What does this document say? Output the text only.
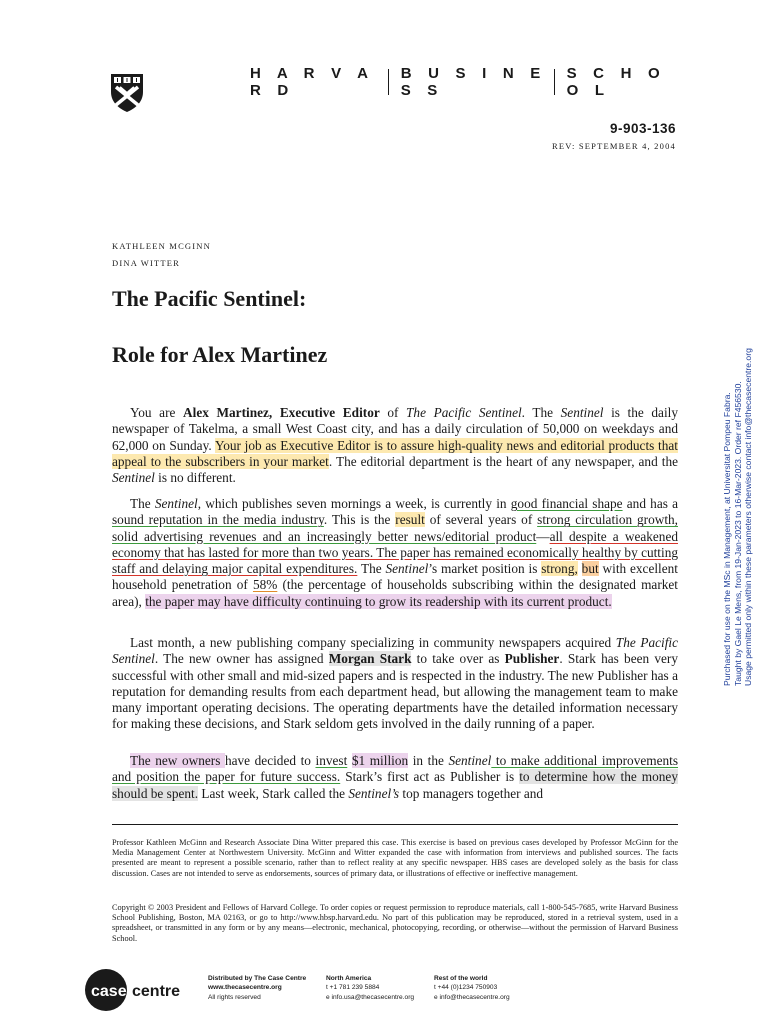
H A R V A R D
B U S I N E S S
S C H O O L
9-903-136
REV: SEPTEMBER 4, 2004
KATHLEEN MCGINN
DINA WITTER
The Pacific Sentinel:
Role for Alex Martinez

You are Alex Martinez, Executive Editor of The Pacific Sentinel. The Sentinel is the daily newspaper of Takelma, a small West Coast city, and has a daily circulation of 50,000 on weekdays and 62,000 on Sunday. Your job as Executive Editor is to assure high-quality news and editorial products that appeal to the subscribers in your market. The editorial department is the heart of any newspaper, and the Sentinel is no different.

The Sentinel, which publishes seven mornings a week, is currently in good financial shape and has a sound reputation in the media industry. This is the result of several years of strong circulation growth, solid advertising revenues and an increasingly better news/editorial product—all despite a weakened economy that has lasted for more than two years. The paper has remained economically healthy by cutting staff and delaying major capital expenditures. The Sentinel’s market position is strong, but with excellent household penetration of 58% (the percentage of households subscribing within the designated market area), the paper may have difficulty continuing to grow its readership with its current product.

Last month, a new publishing company specializing in community newspapers acquired The Pacific Sentinel. The new owner has assigned Morgan Stark to take over as Publisher. Stark has been very successful with other small and mid-sized papers and is respected in the industry. The new Publisher has a reputation for demanding results from each department head, but allowing the management team to make many important operating decisions. The operating departments have the detailed information necessary for making these decisions, and Stark seldom gets involved in the daily running of a paper.

The new owners have decided to invest $1 million in the Sentinel to make additional improvements and position the paper for future success. Stark’s first act as Publisher is to determine how the money should be spent. Last week, Stark called the Sentinel’s top managers together and

Professor Kathleen McGinn and Research Associate Dina Witter prepared this case. This exercise is based on previous cases developed by Professor McGinn for the Media Management Center at Northwestern University. McGinn and Witter expanded the case with information from interviews and published sources. The facts presented are meant to represent a possible scenario, rather than to reflect reality at any specific newspaper. HBS cases are developed solely as the basis for class discussion. Cases are not intended to serve as endorsements, sources of primary data, or illustrations of effective or ineffective management.
Copyright © 2003 President and Fellows of Harvard College. To order copies or request permission to reproduce materials, call 1-800-545-7685, write Harvard Business School Publishing, Boston, MA 02163, or go to http://www.hbsp.harvard.edu. No part of this publication may be reproduced, stored in a retrieval system, used in a spreadsheet, or transmitted in any form or by any means—electronic, mechanical, photocopying, recording, or otherwise—without the permission of Harvard Business School.
Purchased for use on the MSc in Management, at Universitat Pompeu Fabra. Taught by Gael Le Mens, from 19-Jan-2023 to 16-Mar-2023. Order ref F456530. Usage permitted only within these parameters otherwise contact info@thecasecentre.org
case centre
Distributed by The Case Centre
www.thecasecentre.org
All rights reserved
North America
t +1 781 239 5884
e info.usa@thecasecentre.org
Rest of the world
t +44 (0)1234 750903
e info@thecasecentre.org
